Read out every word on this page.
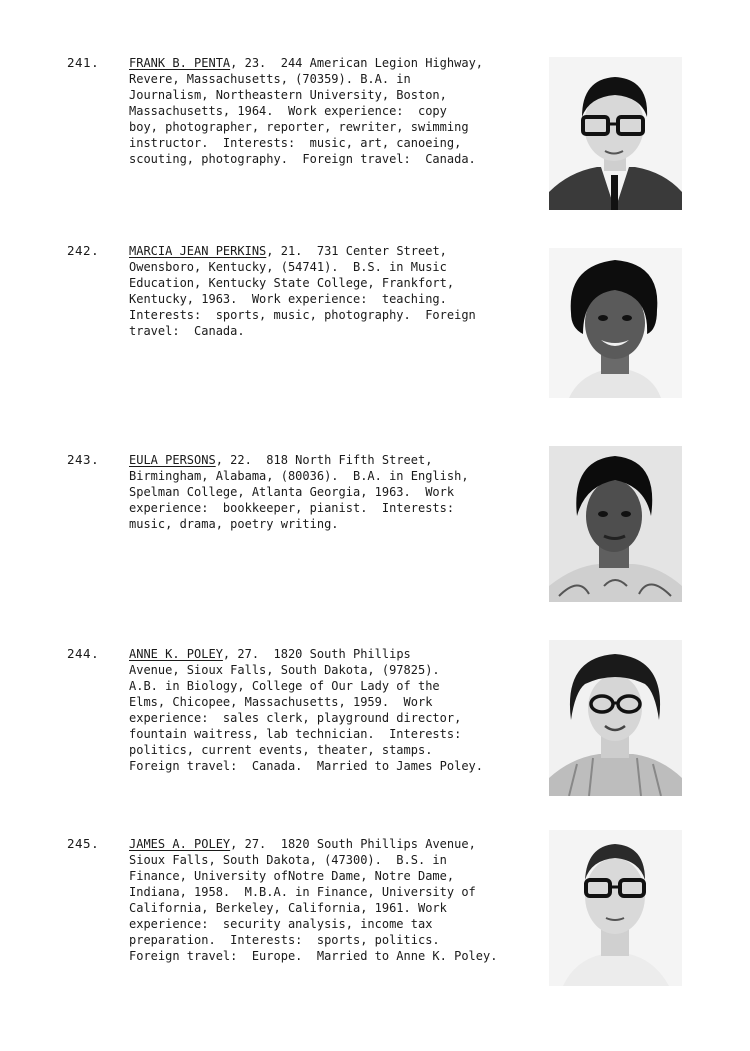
241. FRANK B. PENTA, 23.  244 American Legion Highway,
Revere, Massachusetts, (70359). B.A. in
Journalism, Northeastern University, Boston,
Massachusetts, 1964.  Work experience:  copy
boy, photographer, reporter, rewriter, swimming
instructor.  Interests:  music, art, canoeing,
scouting, photography.  Foreign travel:  Canada.
242. MARCIA JEAN PERKINS, 21.  731 Center Street,
Owensboro, Kentucky, (54741).  B.S. in Music
Education, Kentucky State College, Frankfort,
Kentucky, 1963.  Work experience:  teaching.
Interests:  sports, music, photography.  Foreign
travel:  Canada.
243. EULA PERSONS, 22.  818 North Fifth Street,
Birmingham, Alabama, (80036).  B.A. in English,
Spelman College, Atlanta Georgia, 1963.  Work
experience:  bookkeeper, pianist.  Interests:
music, drama, poetry writing.
244. ANNE K. POLEY, 27.  1820 South Phillips
Avenue, Sioux Falls, South Dakota, (97825).
A.B. in Biology, College of Our Lady of the
Elms, Chicopee, Massachusetts, 1959.  Work
experience:  sales clerk, playground director,
fountain waitress, lab technician.  Interests:
politics, current events, theater, stamps.
Foreign travel:  Canada.  Married to James Poley.
245. JAMES A. POLEY, 27.  1820 South Phillips Avenue,
Sioux Falls, South Dakota, (47300).  B.S. in
Finance, University ofNotre Dame, Notre Dame,
Indiana, 1958.  M.B.A. in Finance, University of
California, Berkeley, California, 1961. Work
experience:  security analysis, income tax
preparation.  Interests:  sports, politics.
Foreign travel:  Europe.  Married to Anne K. Poley.
